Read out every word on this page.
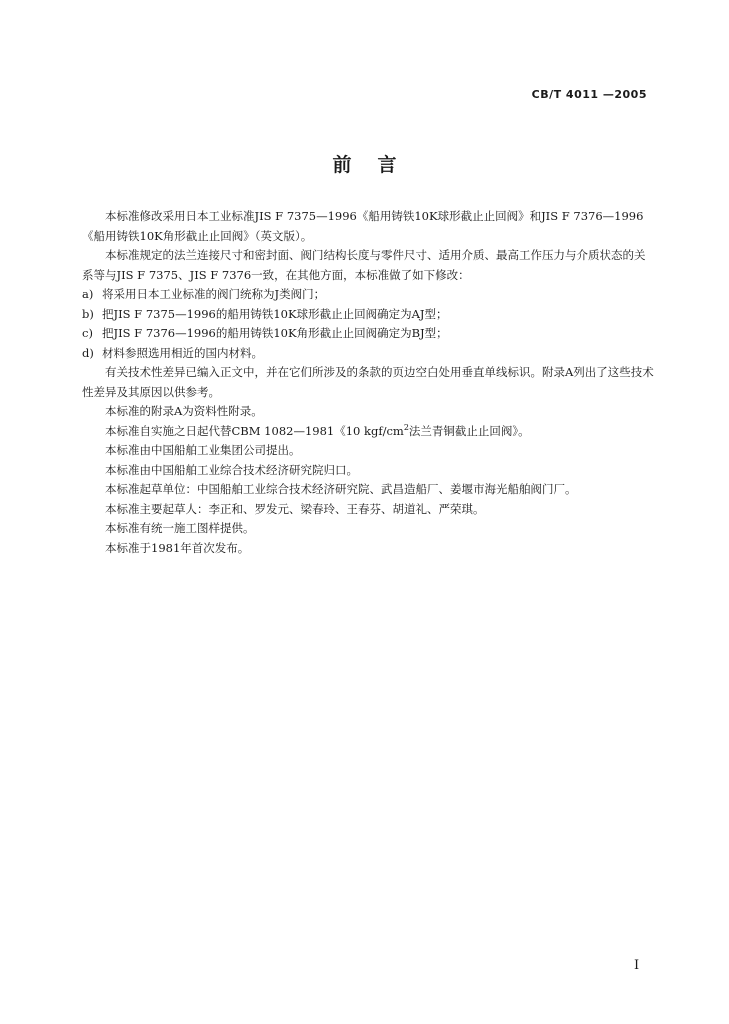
CB/T 4011 —2005
前言

本标准修改采用日本工业标准JIS F 7375—1996《船用铸铁10K球形截止止回阀》和JIS F 7376—1996《船用铸铁10K角形截止止回阀》（英文版）。

本标准规定的法兰连接尺寸和密封面、阀门结构长度与零件尺寸、适用介质、最高工作压力与介质状态的关系等与JIS F 7375、JIS F 7376一致，在其他方面，本标准做了如下修改：

a) 将采用日本工业标准的阀门统称为J类阀门；

b) 把JIS F 7375—1996的船用铸铁10K球形截止止回阀确定为AJ型；

c) 把JIS F 7376—1996的船用铸铁10K角形截止止回阀确定为BJ型；

d) 材料参照选用相近的国内材料。

有关技术性差异已编入正文中，并在它们所涉及的条款的页边空白处用垂直单线标识。附录A列出了这些技术性差异及其原因以供参考。

本标准的附录A为资料性附录。

本标准自实施之日起代替CBM 1082—1981《10 kgf/$cm^2$法兰青铜截止止回阀》。

本标准由中国船舶工业集团公司提出。

本标准由中国船舶工业综合技术经济研究院归口。

本标准起草单位：中国船舶工业综合技术经济研究院、武昌造船厂、姜堰市海光船舶阀门厂。

本标准主要起草人：李正和、罗发元、梁春玲、王春芬、胡道礼、严荣琪。

本标准有统一施工图样提供。

本标准于1981年首次发布。

I
